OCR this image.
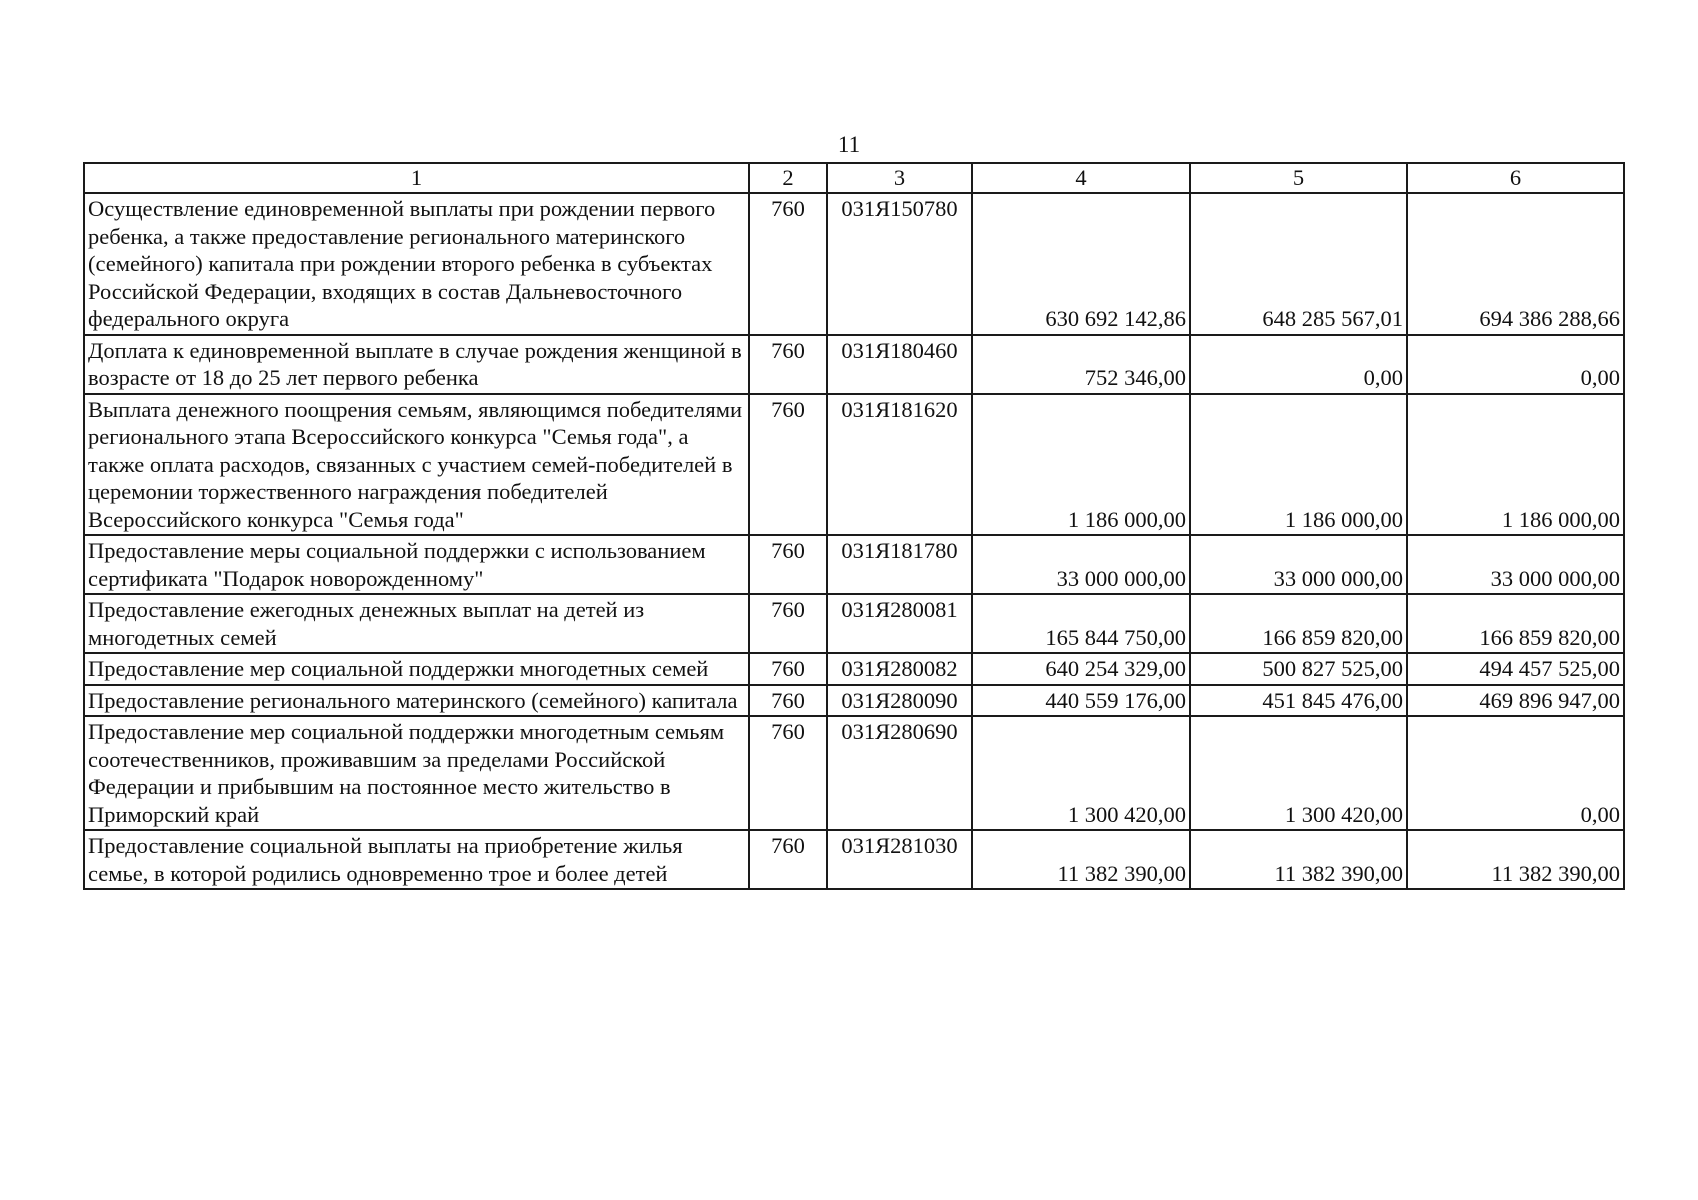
11
1	2	3	4	5	6
Осуществление единовременной выплаты при рождении первого ребенка, а также предоставление регионального материнского (семейного) капитала при рождении второго ребенка в субъектах Российской Федерации, входящих в состав Дальневосточного федерального округа	760	031Я150780	630 692 142,86	648 285 567,01	694 386 288,66
Доплата к единовременной выплате в случае рождения женщиной в возрасте от 18 до 25 лет первого ребенка	760	031Я180460	752 346,00	0,00	0,00
Выплата денежного поощрения семьям, являющимся победителями регионального этапа Всероссийского конкурса "Семья года", а также оплата расходов, связанных с участием семей-победителей в церемонии торжественного награждения победителей Всероссийского конкурса "Семья года"	760	031Я181620	1 186 000,00	1 186 000,00	1 186 000,00
Предоставление меры социальной поддержки с использованием сертификата "Подарок новорожденному"	760	031Я181780	33 000 000,00	33 000 000,00	33 000 000,00
Предоставление ежегодных денежных выплат на детей из многодетных семей	760	031Я280081	165 844 750,00	166 859 820,00	166 859 820,00
Предоставление мер социальной поддержки многодетных семей	760	031Я280082	640 254 329,00	500 827 525,00	494 457 525,00
Предоставление регионального материнского (семейного) капитала	760	031Я280090	440 559 176,00	451 845 476,00	469 896 947,00
Предоставление мер социальной поддержки многодетным семьям соотечественников, проживавшим за пределами Российской Федерации и прибывшим на постоянное место жительство в Приморский край	760	031Я280690	1 300 420,00	1 300 420,00	0,00
Предоставление социальной выплаты на приобретение жилья семье, в которой родились одновременно трое и более детей	760	031Я281030	11 382 390,00	11 382 390,00	11 382 390,00
